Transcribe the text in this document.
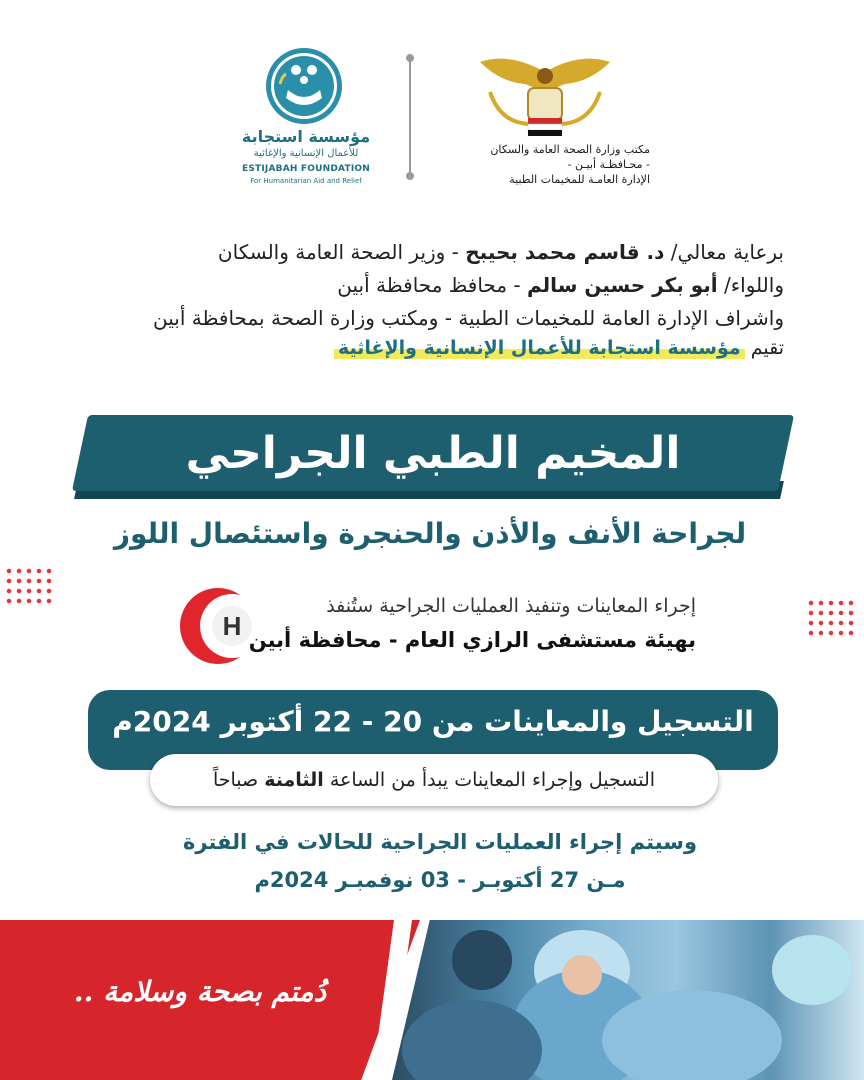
مكتب وزارة الصحة العامة والسكان
- محـافظـة أبيـن -
الإدارة العامـة للمخيمات الطبية
مؤسسة استجابة
للأعمال الإنسانية والإغاثية
ESTIJABAH FOUNDATION
For Humanitarian Aid and Relief
برعاية معالي/ د. قاسم محمد بحيبح - وزير الصحة العامة والسكان
واللواء/ أبو بكر حسين سالم - محافظ محافظة أبين
واشراف الإدارة العامة للمخيمات الطبية - ومكتب وزارة الصحة بمحافظة أبين
تقيم مؤسسة استجابة للأعمال الإنسانية والإغاثية
المخيم الطبي الجراحي
لجراحة الأنف والأذن والحنجرة واستئصال اللوز
H
إجراء المعاينات وتنفيذ العمليات الجراحية ستُنفذ
بهيئة مستشفى الرازي العام - محافظة أبين
التسجيل والمعاينات من 20 - 22 أكتوبر 2024م
التسجيل وإجراء المعاينات يبدأ من الساعة الثامنة صباحاً
وسيتم إجراء العمليات الجراحية للحالات في الفترة
مـن 27 أكتوبـر - 03 نوفمبـر 2024م
دُمتم بصحة وسلامة ..
